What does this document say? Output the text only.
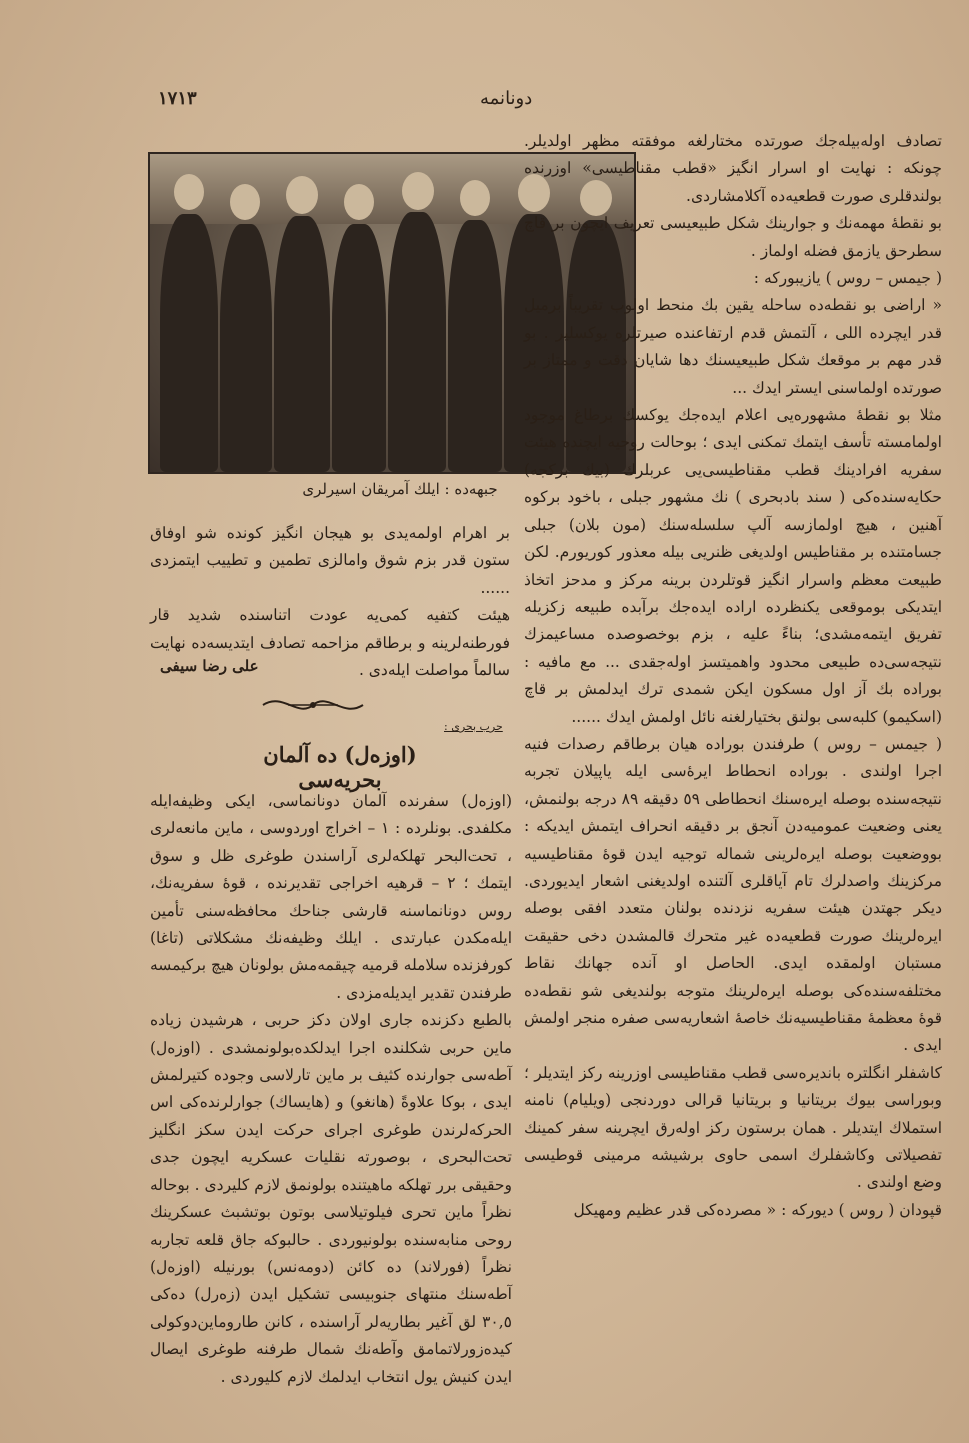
١٧١٣	دونانمه
جبهه‌ده : ایلك آمریقان اسیرلری

تصادف اوله‌بیله‌جك صورتده مختارلغه موفقته مظهر اولدیلر. چونكه : نهایت او اسرار انگیز «قطب مقناطیسی» اوزرنده بولندقلری صورت قطعیه‌ده آكلامشاردی.

بو نقطهٔ مهمه‌نك و جوارینك شكل طبیعیسی تعریف ایچون بر قاچ سطرحق یازمق فضله اولماز .

( جیمس – روس ) یازیبورکه :

« اراضی بو نقطه‌ده ساحله یقین بك منحط اولوب تقریباً برمیل قدر ایچرده اللی ، آلتمش قدم ارتفاعنده صیرتلره یوکسلیر . بو قدر مهم بر موقعك شكل طبیعیسنك دها شایان دقت و ممتاز بر صورتده اولماسنی ایستر ایدك ...

مثلا بو نقطهٔ مشهوره‌یی اعلام ایده‌جك یوكسك برطاغ موجود اولمامسته تأسف ایتمك تمكنی ایدی ؛ بوحالت روحیه ایچنده هیئت سفریه افرادینك قطب مقناطیسی‌یی عربلرك (بیك بركجه) حكایه‌سنده‌كی ( سند بادبحری ) نك مشهور جبلی ، باخود بركوه آهنین ، هیچ اولمازسه آلپ سلسله‌سنك (مون بلان) جبلی جسامتنده بر مقناطیس اولدیغی ظنریی بیله معذور كوریورم. لكن طبیعت معظم واسرار انگیز قوتلردن برینه مركز و مدحز اتخاذ ایتدیكی بوموقعی یكنظرده اراده ایده‌جك برآبده طبیعه زكزیله تفریق ایتمه‌مشدی؛ بناءً علیه ، بزم بوخصوصده مساعیمزك نتیجه‌سی‌ده طبیعی محدود واهمیتسز اوله‌جقدی ... مع مافیه : بورادە بك آز اول مسكون ایكن شمدی ترك ایدلمش بر قاچ (اسكیمو) كلبه‌سی بولنق بختیارلغنه نائل اولمش ایدك ......

( جیمس – روس ) طرفندن بوراده هیان برطاقم رصدات فنیه اجرا اولندی . بوراده انحطاط ایرهٔ‌سی ایله یاپیلان تجربه نتیجه‌سنده بوصله ایره‌سنك انحطاطی ٥٩ دقیقه ٨٩ درجه بولنمش، یعنی وضعیت عمومیه‌دن آنجق بر دقیقه انحراف ایتمش ایدیكه : بووضعیت بوصله ایرەلرینی شماله توجیه ایدن قوهٔ مقناطیسیه مركزینك واصدلرك تام آیاقلری آلتنده اولدیغنی اشعار ایدیوردی. دیكر جهتدن هیئت سفریه نزدنده بولنان متعدد افقی بوصله ایره‌لرینك صورت قطعیه‌ده غیر متحرك قالمشدن دخی حقیقت مستبان اولمقده ایدی. الحاصل او آنده جهانك نقاط مختلفه‌سنده‌كی بوصله ایره‌لرینك متوجه بولندیغی شو نقطه‌ده قوهٔ معظمهٔ مقناطیسیه‌نك خاصهٔ اشعاریه‌سی صفره منجر اولمش ایدی .

كاشفلر انگلتره بانديره‌سی قطب مقناطیسی اوزرینه ركز ایتدیلر ؛ وبوراسی بیوك بریتانیا و بریتانیا قرالی دوردنجی (ویلیام) نامنه استملاك ایتدیلر . همان برستون ركز اوله‌رق ایچرینه سفر كمینك تفصیلاتی وكاشفلرك اسمی حاوی برشیشه مرمینی قوطیسی وضع اولندی .

قپودان ( روس ) دیوركه : « مصرده‌كی قدر عظیم ومهیكل

بر اهرام اولمه‌یدی بو هیجان انگیز كونده شو اوفاق ستون قدر بزم شوق وامالزی تطمین و تطییب ایتمزدی ......

هیئت كتفیه كمی‌یه عودت اتناسنده شدید قار فورطنه‌لرینه و برطاقم مزاحمه تصادف ایتدیسه‌ده نهایت سالماً مواصلت ایله‌دی .

علی رضا سیفی
حرب بحری :
(اوزه‌ل) ده آلمان بحریه‌سی

(اوزه‌ل) سفرنده آلمان دونانماسی، ایكی وظیفه‌ایله مكلفدی. بونلرده : ١ – اخراج اوردوسی ، ماین مانعه‌لری ، تحت‌البحر تهلكه‌لری آراسندن طوغری ظل و سوق ایتمك ؛ ٢ – قرهیه اخراجی تقدیرنده ، قوهٔ سفریه‌نك، روس دونانماسنه قارشی جناحك محافظه‌سنی تأمین ایله‌مكدن عبارتدی . ایلك وظیفه‌نك مشكلاتی (تاغا) كورفزنده سلامله قرمیه چیقمه‌مش بولونان هیچ بركیمسه طرفندن تقدیر ایدیله‌مزدی .

بالطبع دكزنده جاری اولان دكز حربی ، هرشیدن زیاده ماین حربی شكلنده اجرا ایدلكده‌بولونمشدی . (اوزه‌ل) آطه‌سی جوارنده كثیف بر ماین تارلاسی وجوده كتیرلمش ایدی ، بوكا علاوةً (هانغو) و (هایساك) جوارلرنده‌كی اس الحركه‌لرندن طوغری اجرای حركت ایدن سكز انگلیز تحت‌البحری ، بوصورته نقلیات عسكریه ایچون جدی وحقیقی برر تهلكه ماهیتنده بولونمق لازم كلیردی . بوحاله نظراً ماین تحری فیلوتیلاسی بوتون بوتشبث عسكرینك روحی منابه‌سنده بولونیوردی . حالبوكه جاق قلعه تجاربه نظراً (فورلاند) ده كائن (دومه‌نس) بورنیله (اوزه‌ل) آطه‌سنك منتهای جنوبیسی تشكیل ایدن (زه‌رل) ده‌كی ٣٠,٥ لق آغیر بطاریه‌لر آراسنده ، كانن طاروماین‌دوكولی كیده‌زورلاتمامق وآطه‌نك شمال طرفنه طوغری ایصال ایدن كنیش یول انتخاب ایدلمك لازم كلیوردی .
